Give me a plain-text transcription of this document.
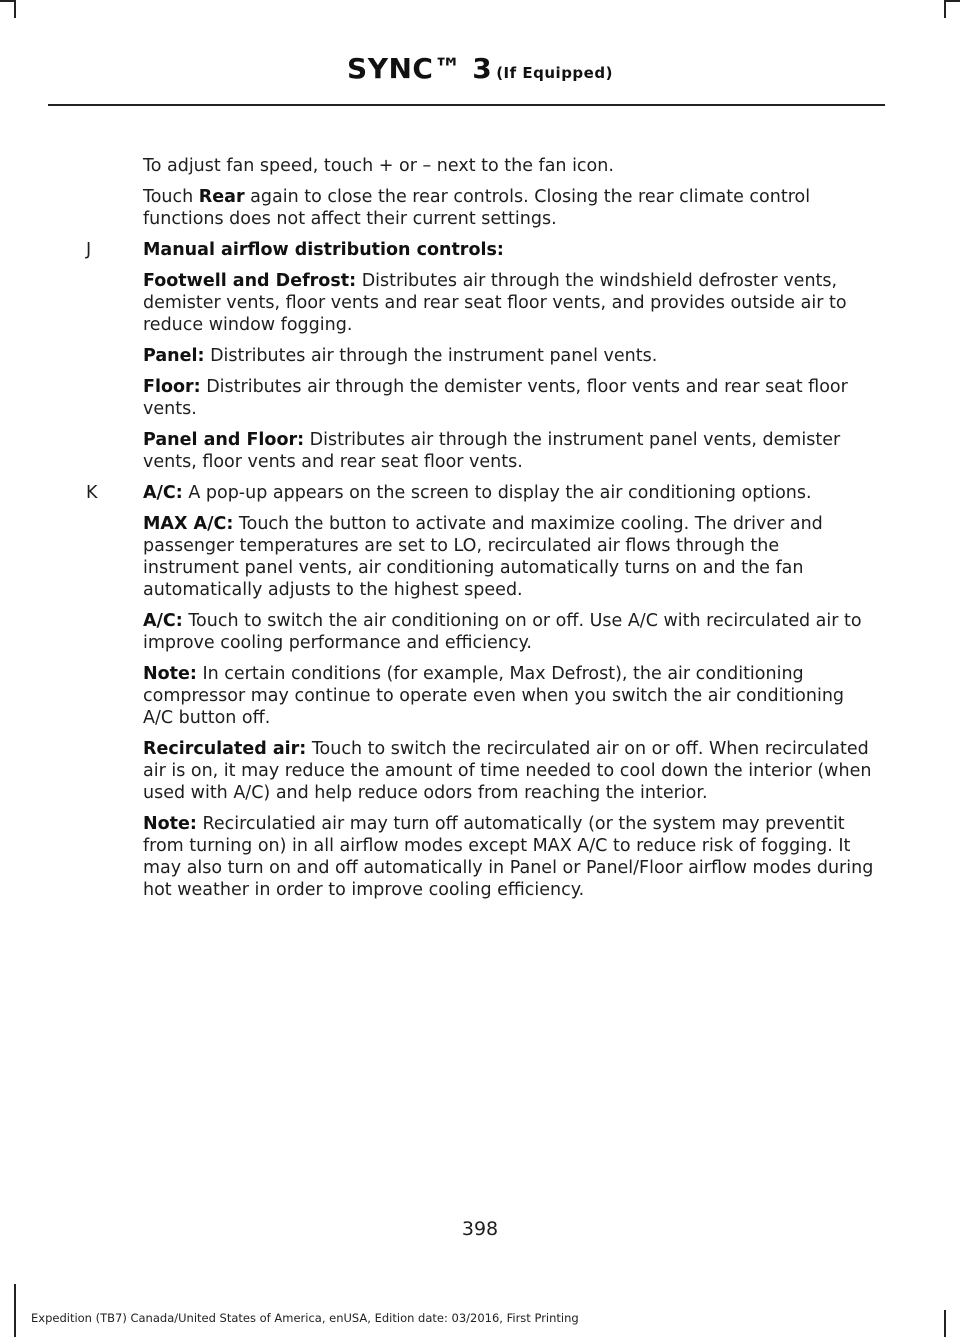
SYNC™ 3 (If Equipped)
To adjust fan speed, touch + or – next to the fan icon.
Touch Rear again to close the rear controls. Closing the rear climate control functions does not affect their current settings.
J	Manual airflow distribution controls:
Footwell and Defrost: Distributes air through the windshield defroster vents, demister vents, floor vents and rear seat floor vents, and provides outside air to reduce window fogging.
Panel: Distributes air through the instrument panel vents.
Floor: Distributes air through the demister vents, floor vents and rear seat floor vents.
Panel and Floor: Distributes air through the instrument panel vents, demister vents, floor vents and rear seat floor vents.
K	A/C: A pop-up appears on the screen to display the air conditioning options.
MAX A/C: Touch the button to activate and maximize cooling. The driver and passenger temperatures are set to LO, recirculated air flows through the instrument panel vents, air conditioning automatically turns on and the fan automatically adjusts to the highest speed.
A/C: Touch to switch the air conditioning on or off. Use A/C with recirculated air to improve cooling performance and efficiency.
Note: In certain conditions (for example, Max Defrost), the air conditioning compressor may continue to operate even when you switch the air conditioning A/C button off.
Recirculated air: Touch to switch the recirculated air on or off. When recirculated air is on, it may reduce the amount of time needed to cool down the interior (when used with A/C) and help reduce odors from reaching the interior.
Note: Recirculatied air may turn off automatically (or the system may preventit from turning on) in all airflow modes except MAX A/C to reduce risk of fogging. It may also turn on and off automatically in Panel or Panel/Floor airflow modes during hot weather in order to improve cooling efficiency.
398
Expedition (TB7) Canada/United States of America, enUSA, Edition date: 03/2016, First Printing
